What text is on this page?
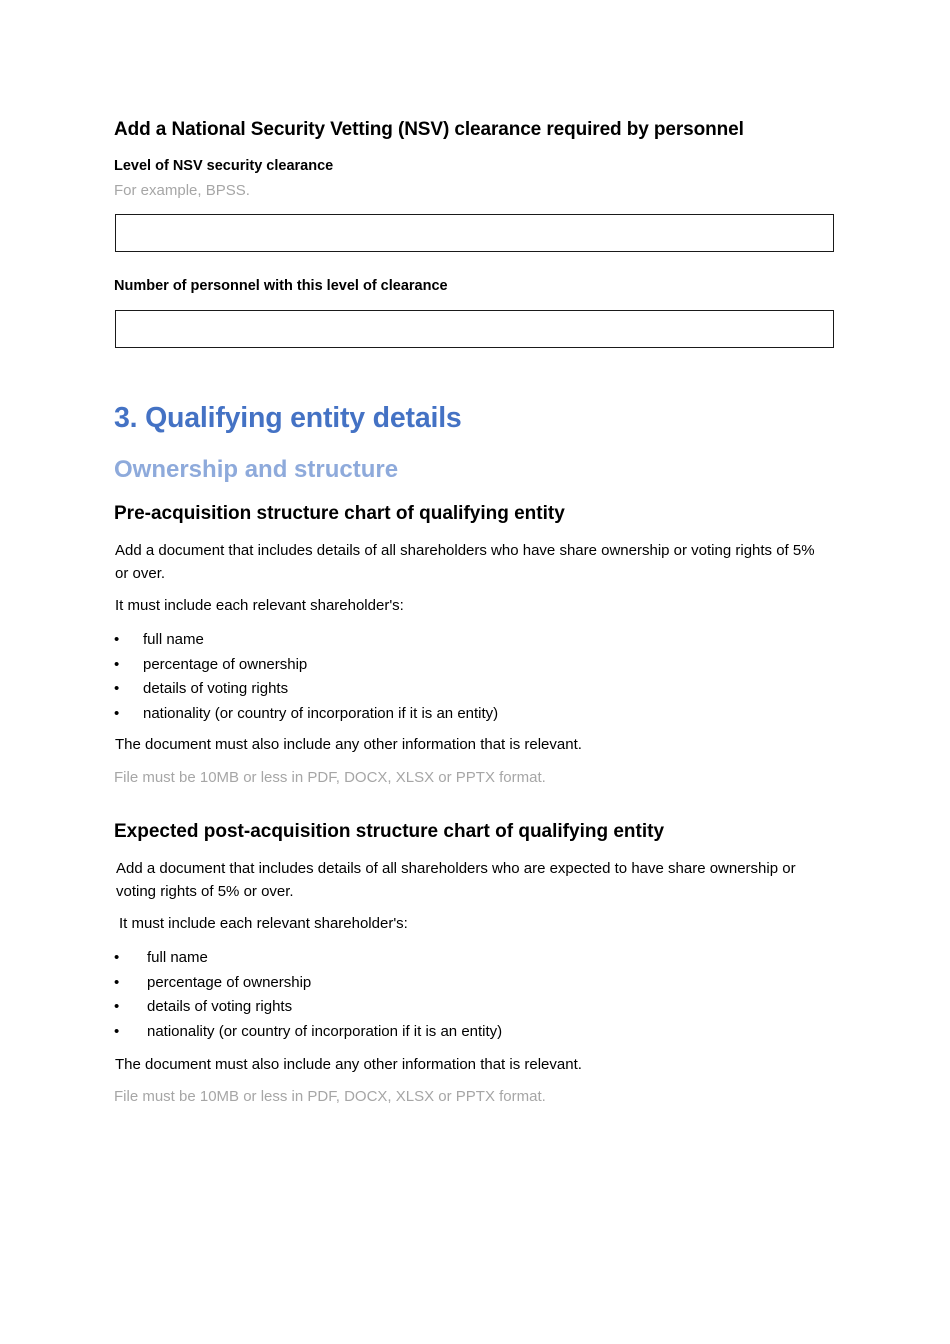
Add a National Security Vetting (NSV) clearance required by personnel
Level of NSV security clearance
For example, BPSS.
Number of personnel with this level of clearance
3. Qualifying entity details
Ownership and structure
Pre-acquisition structure chart of qualifying entity
Add a document that includes details of all shareholders who have share ownership or voting rights of 5% or over.
It must include each relevant shareholder's:
• full name
• percentage of ownership
• details of voting rights
• nationality (or country of incorporation if it is an entity)
The document must also include any other information that is relevant.
File must be 10MB or less in PDF, DOCX, XLSX or PPTX format.
Expected post-acquisition structure chart of qualifying entity
Add a document that includes details of all shareholders who are expected to have share ownership or voting rights of 5% or over.
It must include each relevant shareholder's:
• full name
• percentage of ownership
• details of voting rights
• nationality (or country of incorporation if it is an entity)
The document must also include any other information that is relevant.
File must be 10MB or less in PDF, DOCX, XLSX or PPTX format.
